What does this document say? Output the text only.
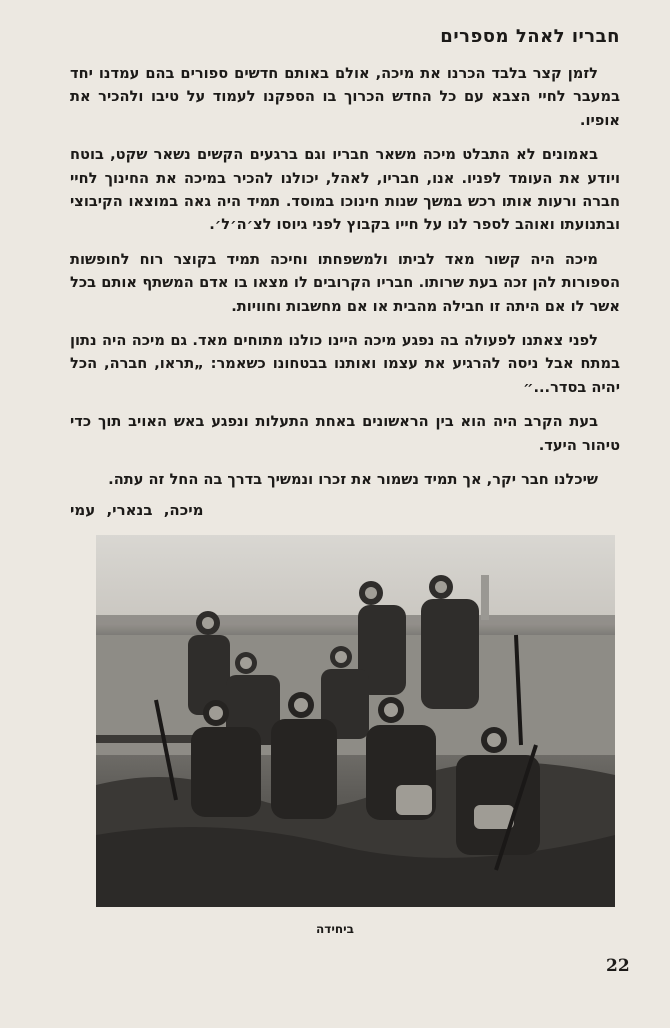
חבריו לאהל מספרים

לזמן קצר בלבד הכרנו את מיכה, אולם באותם חדשים ספורים בהם עמדנו יחד במעבר לחיי הצבא עם כל החדש הכרוך בו הספקנו לעמוד על טיבו ולהכיר את אופיו.

באמונים לא התבלט מיכה משאר חבריו וגם ברגעים הקשים נשאר שקט, בוטח ויודע את העומד לפניו. אנו, חבריו, לאהל, יכולנו להכיר במיכה את החינוך לחיי חברה ורעות אותו רכש במשך שנות חינוכו במוסד. תמיד היה גאה במוצאו הקיבוצי ובתנועתו ואוהב לספר לנו על חייו בקבוץ לפני גיוסו לצ׳ה׳ל׳.

מיכה היה קשור מאד לביתו ולמשפחתו וחיכה תמיד בקוצר רוח לחופשות הספורות להן זכה בעת שרותו. חבריו הקרובים לו מצאו בו אדם המשתף אותם בכל אשר לו אם היתה זו חבילה מהבית או אם מחשבות וחוויות.

לפני צאתנו לפעולה בה נפגע מיכה היינו כולנו מתוחים מאד. גם מיכה היה נתון במתח אבל ניסה להרגיע את עצמו ואותנו בבטחונו כשאמר: „תראו, חברה, הכל יהיה בסדר...״

בעת הקרב היה הוא בין הראשונים באחת התעלות ונפגע באש האויב תוך כדי טיהור היעד.

שיכלנו חבר יקר, אך תמיד נשמור את זכרו ונמשיך בדרך בה החל זה עתה.

מיכה, בנארי, עמי
ביחידה
22
